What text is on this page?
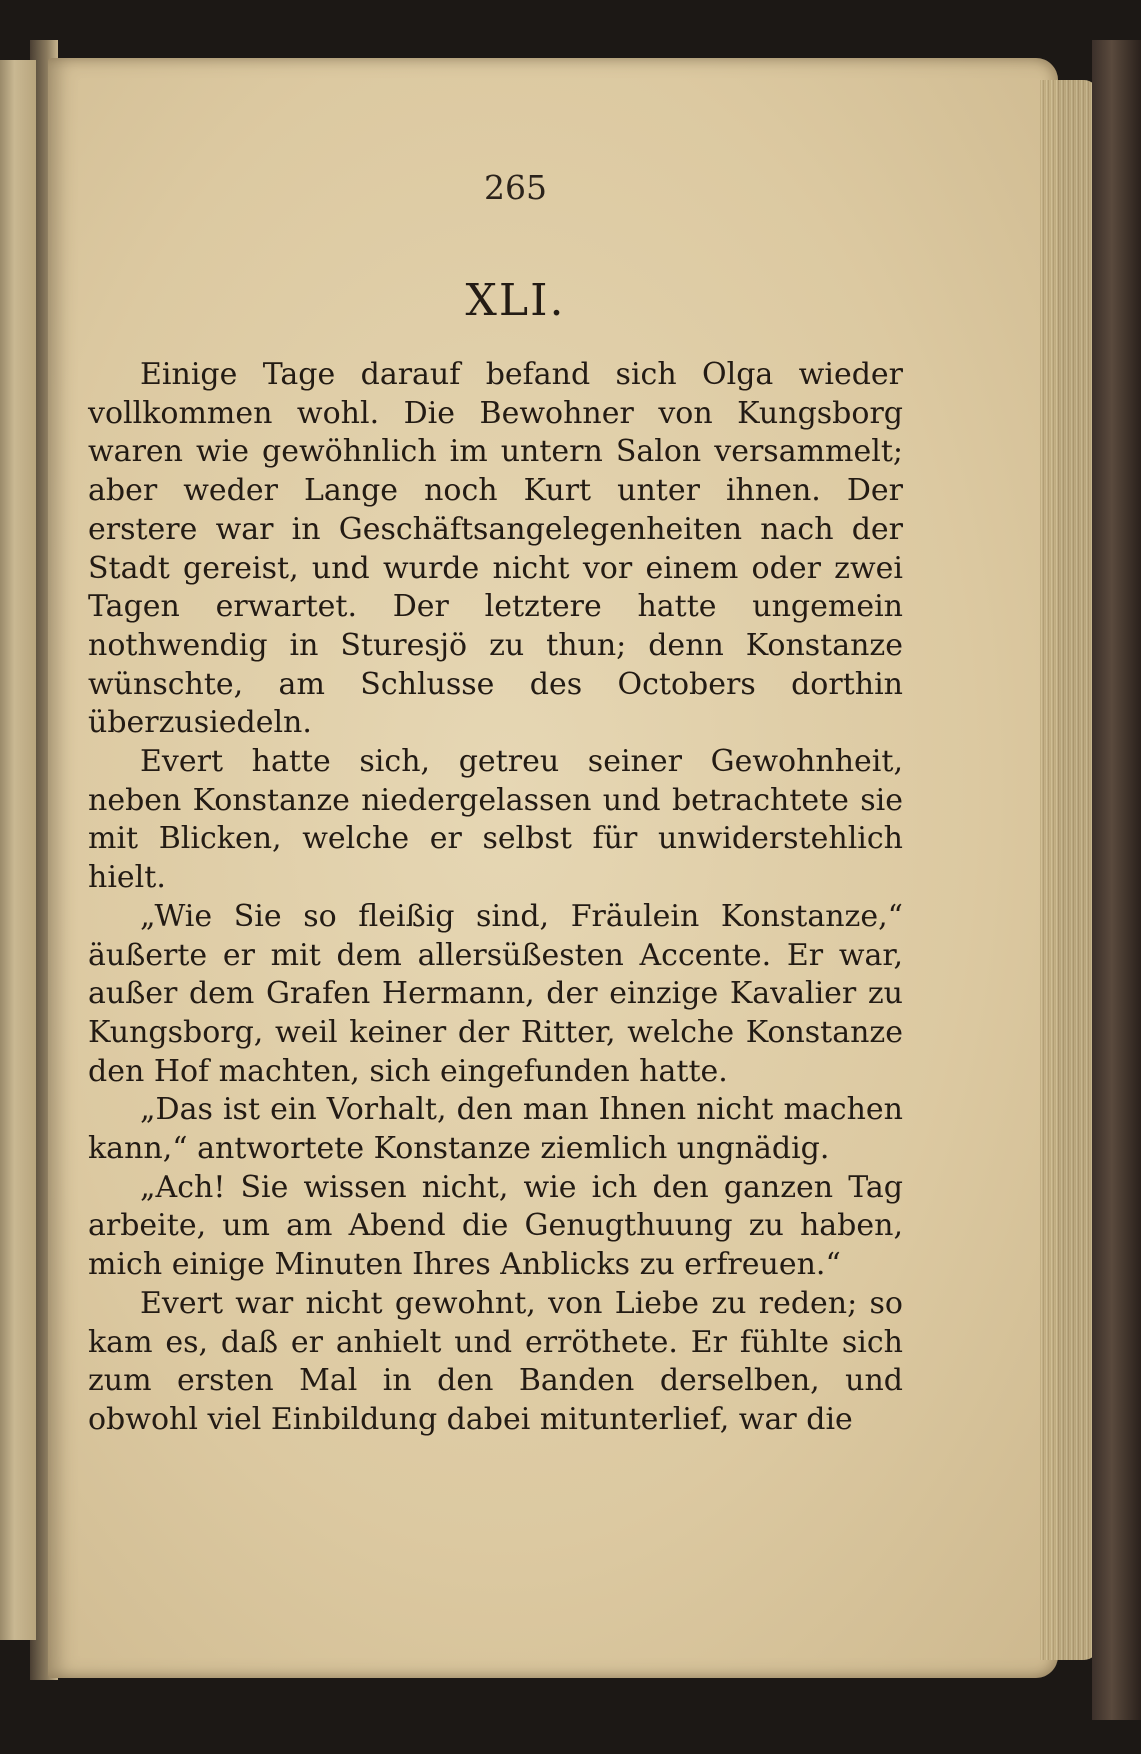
265
XLI.

Einige Tage darauf befand sich Olga wieder vollkommen wohl. Die Bewohner von Kungsborg waren wie gewöhnlich im untern Salon versammelt; aber weder Lange noch Kurt unter ihnen. Der erstere war in Geschäftsangelegenheiten nach der Stadt gereist, und wurde nicht vor einem oder zwei Tagen erwartet. Der letztere hatte ungemein nothwendig in Sturesjö zu thun; denn Konstanze wünschte, am Schlusse des Octobers dorthin überzusiedeln.

Evert hatte sich, getreu seiner Gewohnheit, neben Konstanze niedergelassen und betrachtete sie mit Blicken, welche er selbst für unwiderstehlich hielt.

„Wie Sie so fleißig sind, Fräulein Konstanze,“ äußerte er mit dem allersüßesten Accente. Er war, außer dem Grafen Hermann, der einzige Kavalier zu Kungsborg, weil keiner der Ritter, welche Konstanze den Hof machten, sich eingefunden hatte.

„Das ist ein Vorhalt, den man Ihnen nicht machen kann,“ antwortete Konstanze ziemlich ungnädig.

„Ach! Sie wissen nicht, wie ich den ganzen Tag arbeite, um am Abend die Genugthuung zu haben, mich einige Minuten Ihres Anblicks zu erfreuen.“

Evert war nicht gewohnt, von Liebe zu reden; so kam es, daß er anhielt und erröthete. Er fühlte sich zum ersten Mal in den Banden derselben, und obwohl viel Einbildung dabei mitunterlief, war die
